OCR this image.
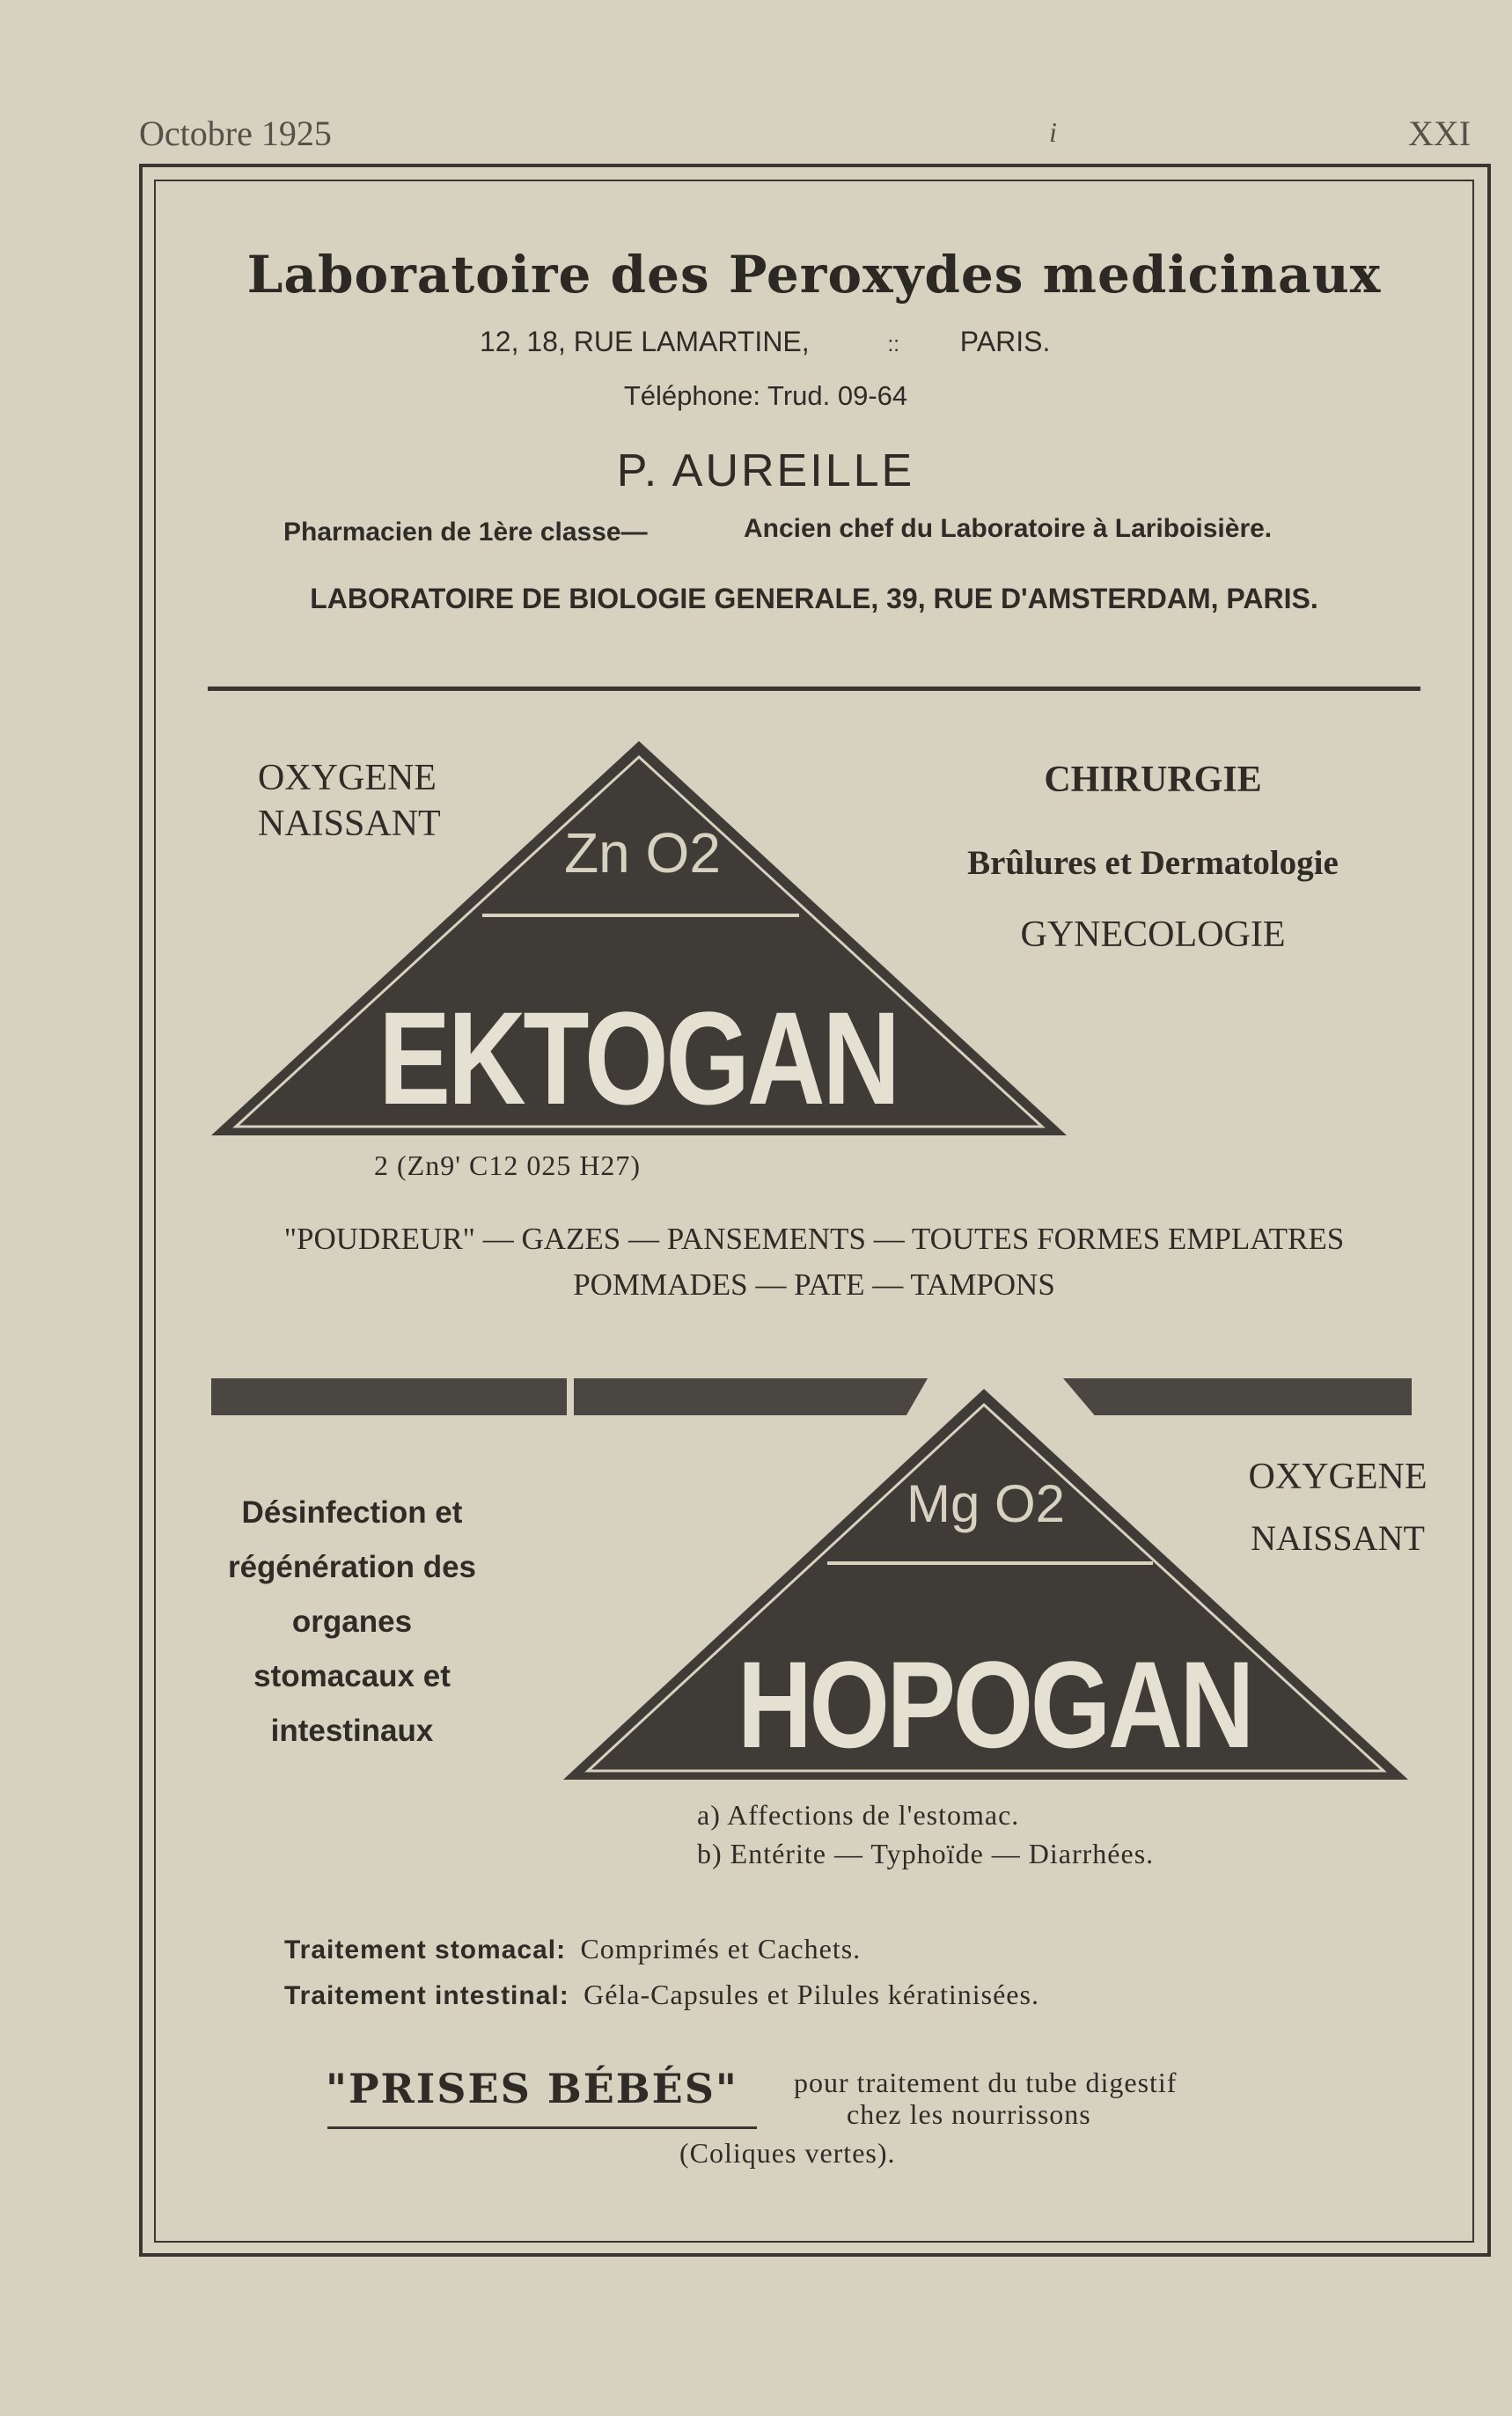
Octobre 1925	i	XXI
Laboratoire des Peroxydes medicinaux
12, 18, RUE LAMARTINE,	:: PARIS.
Téléphone: Trud. 09-64
P. AUREILLE
Pharmacien de 1ère classe—	Ancien chef du Laboratoire à Lariboisière.
LABORATOIRE DE BIOLOGIE GENERALE, 39, RUE D'AMSTERDAM, PARIS.
OXYGENE
NAISSANT	Zn O2
EKTOGAN
2 (Zn9' C12 025 H27)
CHIRURGIE
Brûlures et Dermatologie
GYNECOLOGIE
"POUDREUR" — GAZES — PANSEMENTS — TOUTES FORMES EMPLATRES
POMMADES — PATE — TAMPONS
Désinfection et
régénération des
organes
stomacaux et
intestinaux
Mg O2
HOPOGAN
OXYGENE
NAISSANT
a) Affections de l'estomac.
b) Entérite — Typhoïde — Diarrhées.
Traitement stomacal: Comprimés et Cachets.
Traitement intestinal: Géla-Capsules et Pilules kératinisées.
"PRISES BÉBÉS" pour traitement du tube digestif
chez les nourrissons
(Coliques vertes).
